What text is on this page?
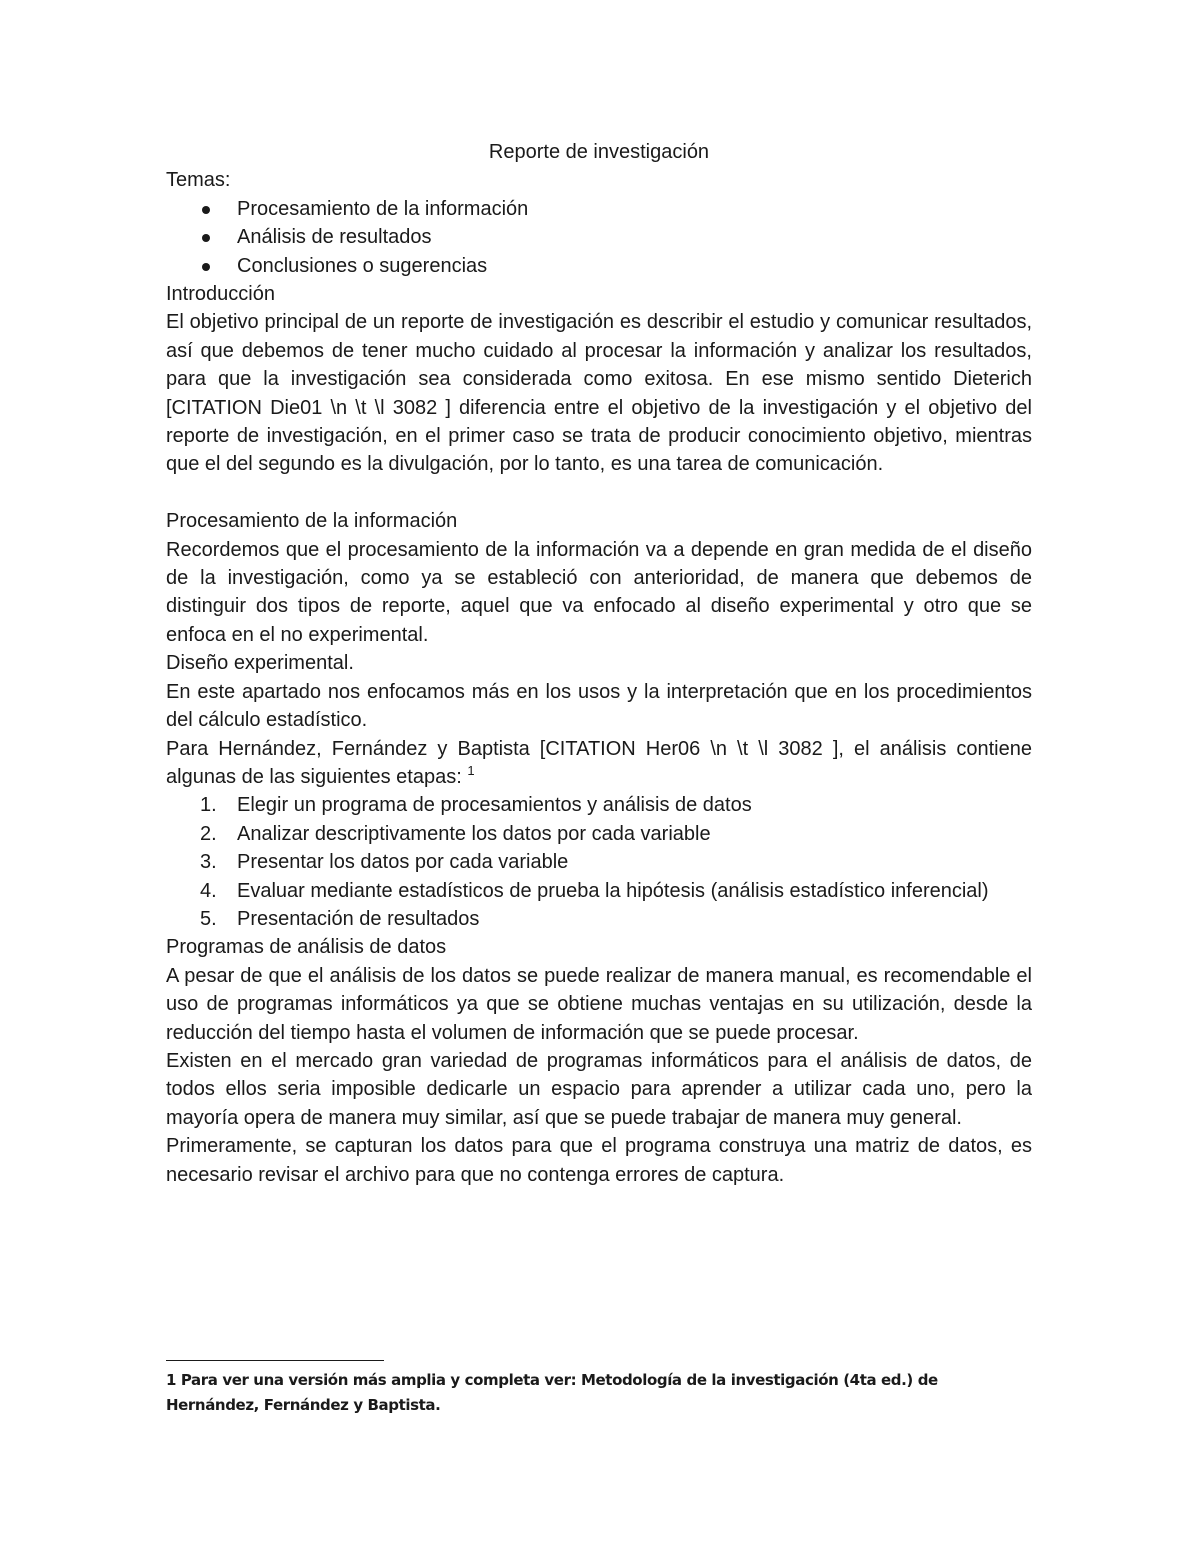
Reporte de investigación

Temas:

Procesamiento de la información
Análisis de resultados
Conclusiones o sugerencias

Introducción

El objetivo principal de un reporte de investigación es describir el estudio y comunicar resultados, así que debemos de tener mucho cuidado al procesar la información y analizar los resultados, para que la investigación sea considerada como exitosa. En ese mismo sentido Dieterich [CITATION Die01 \n \t \l 3082 ] diferencia entre el objetivo de la investigación y el objetivo del reporte de investigación, en el primer caso se trata de producir conocimiento objetivo, mientras que el del segundo es la divulgación, por lo tanto, es una tarea de comunicación.

Procesamiento de la información

Recordemos que el procesamiento de la información va a depende en gran medida de el diseño de la investigación, como ya se estableció con anterioridad, de manera que debemos de distinguir dos tipos de reporte, aquel que va enfocado al diseño experimental y otro que se enfoca en el no experimental.

Diseño experimental.

En este apartado nos enfocamos más en los usos y la interpretación que en los procedimientos del cálculo estadístico.

Para Hernández, Fernández y Baptista [CITATION Her06 \n \t \l 3082 ], el análisis contiene algunas de las siguientes etapas: $^1$

1. Elegir un programa de procesamientos y análisis de datos
2. Analizar descriptivamente los datos por cada variable
3. Presentar los datos por cada variable
4. Evaluar mediante estadísticos de prueba la hipótesis (análisis estadístico inferencial)
5. Presentación de resultados

Programas de análisis de datos

A pesar de que el análisis de los datos se puede realizar de manera manual, es recomendable el uso de programas informáticos ya que se obtiene muchas ventajas en su utilización, desde la reducción del tiempo hasta el volumen de información que se puede procesar.

Existen en el mercado gran variedad de programas informáticos para el análisis de datos, de todos ellos seria imposible dedicarle un espacio para aprender a utilizar cada uno, pero la mayoría opera de manera muy similar, así que se puede trabajar de manera muy general.

Primeramente, se capturan los datos para que el programa construya una matriz de datos, es necesario revisar el archivo para que no contenga errores de captura.

1 Para ver una versión más amplia y completa ver: Metodología de la investigación (4ta ed.) de Hernández, Fernández y Baptista.
